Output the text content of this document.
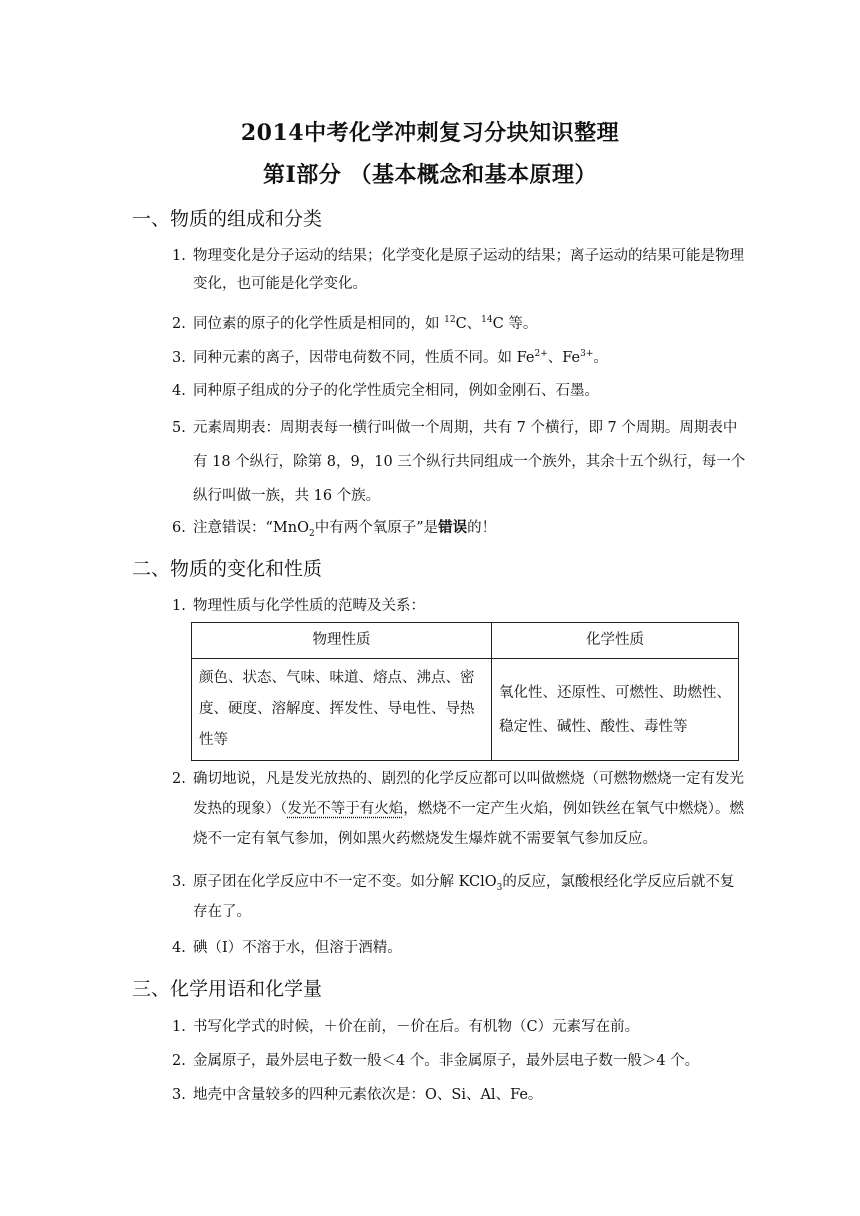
2014中考化学冲刺复习分块知识整理
第Ⅰ部分 （基本概念和基本原理）
一、物质的组成和分类
1. 物理变化是分子运动的结果；化学变化是原子运动的结果；离子运动的结果可能是物理变化，也可能是化学变化。
2. 同位素的原子的化学性质是相同的，如 $^{12}$C、$^{14}$C 等。
3. 同种元素的离子，因带电荷数不同，性质不同。如 $Fe^{2+}$、$Fe^{3+}$。
4. 同种原子组成的分子的化学性质完全相同，例如金刚石、石墨。
5. 元素周期表：周期表每一横行叫做一个周期，共有 7 个横行，即 7 个周期。周期表中有 18 个纵行，除第 8，9，10 三个纵行共同组成一个族外，其余十五个纵行，每一个纵行叫做一族，共 16 个族。
6. 注意错误：“MnO$_2$中有两个氧原子”是错误的！
二、物质的变化和性质
1. 物理性质与化学性质的范畴及关系：
物理性质	化学性质
颜色、状态、气味、味道、熔点、沸点、密度、硬度、溶解度、挥发性、导电性、导热性等	氧化性、还原性、可燃性、助燃性、稳定性、碱性、酸性、毒性等
2. 确切地说，凡是发光放热的、剧烈的化学反应都可以叫做燃烧（可燃物燃烧一定有发光发热的现象）（发光不等于有火焰，燃烧不一定产生火焰，例如铁丝在氧气中燃烧）。燃烧不一定有氧气参加，例如黑火药燃烧发生爆炸就不需要氧气参加反应。
3. 原子团在化学反应中不一定不变。如分解 KClO$_3$的反应，氯酸根经化学反应后就不复存在了。
4. 碘（I）不溶于水，但溶于酒精。
三、化学用语和化学量
1. 书写化学式的时候，＋价在前，－价在后。有机物（C）元素写在前。
2. 金属原子，最外层电子数一般＜4 个。非金属原子，最外层电子数一般＞4 个。
3. 地壳中含量较多的四种元素依次是：O、Si、Al、Fe。
